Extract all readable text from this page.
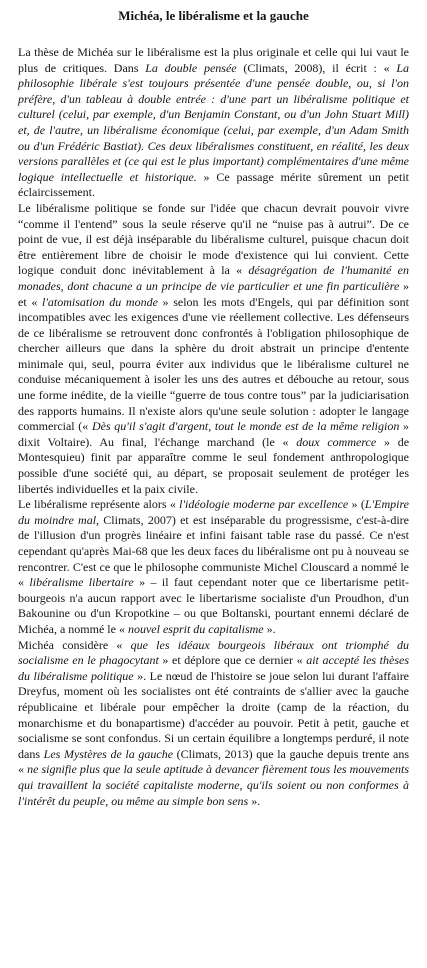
Michéa, le libéralisme et la gauche

La thèse de Michéa sur le libéralisme est la plus originale et celle qui lui vaut le plus de critiques. Dans La double pensée (Climats, 2008), il écrit : « La philosophie libérale s'est toujours présentée d'une pensée double, ou, si l'on préfère, d'un tableau à double entrée : d'une part un libéralisme politique et culturel (celui, par exemple, d'un Benjamin Constant, ou d'un John Stuart Mill) et, de l'autre, un libéralisme économique (celui, par exemple, d'un Adam Smith ou d'un Frédéric Bastiat). Ces deux libéralismes constituent, en réalité, les deux versions parallèles et (ce qui est le plus important) complémentaires d'une même logique intellectuelle et historique. » Ce passage mérite sûrement un petit éclaircissement.

Le libéralisme politique se fonde sur l'idée que chacun devrait pouvoir vivre “comme il l'entend” sous la seule réserve qu'il ne “nuise pas à autrui”. De ce point de vue, il est déjà inséparable du libéralisme culturel, puisque chacun doit être entièrement libre de choisir le mode d'existence qui lui convient. Cette logique conduit donc inévitablement à la « désagrégation de l'humanité en monades, dont chacune a un principe de vie particulier et une fin particulière » et « l'atomisation du monde » selon les mots d'Engels, qui par définition sont incompatibles avec les exigences d'une vie réellement collective. Les défenseurs de ce libéralisme se retrouvent donc confrontés à l'obligation philosophique de chercher ailleurs que dans la sphère du droit abstrait un principe d'entente minimale qui, seul, pourra éviter aux individus que le libéralisme culturel ne conduise mécaniquement à isoler les uns des autres et débouche au retour, sous une forme inédite, de la vieille “guerre de tous contre tous” par la judiciarisation des rapports humains. Il n'existe alors qu'une seule solution : adopter le langage commercial (« Dès qu'il s'agit d'argent, tout le monde est de la même religion » dixit Voltaire). Au final, l'échange marchand (le « doux commerce » de Montesquieu) finit par apparaître comme le seul fondement anthropologique possible d'une société qui, au départ, se proposait seulement de protéger les libertés individuelles et la paix civile.

Le libéralisme représente alors « l'idéologie moderne par excellence » (L'Empire du moindre mal, Climats, 2007) et est inséparable du progressisme, c'est-à-dire de l'illusion d'un progrès linéaire et infini faisant table rase du passé. Ce n'est cependant qu'après Mai-68 que les deux faces du libéralisme ont pu à nouveau se rencontrer. C'est ce que le philosophe communiste Michel Clouscard a nommé le « libéralisme libertaire » – il faut cependant noter que ce libertarisme petit-bourgeois n'a aucun rapport avec le libertarisme socialiste d'un Proudhon, d'un Bakounine ou d'un Kropotkine – ou que Boltanski, pourtant ennemi déclaré de Michéa, a nommé le « nouvel esprit du capitalisme ».

Michéa considère « que les idéaux bourgeois libéraux ont triomphé du socialisme en le phagocytant » et déplore que ce dernier « ait accepté les thèses du libéralisme politique ». Le nœud de l'histoire se joue selon lui durant l'affaire Dreyfus, moment où les socialistes ont été contraints de s'allier avec la gauche républicaine et libérale pour empêcher la droite (camp de la réaction, du monarchisme et du bonapartisme) d'accéder au pouvoir. Petit à petit, gauche et socialisme se sont confondus. Si un certain équilibre a longtemps perduré, il note dans Les Mystères de la gauche (Climats, 2013) que la gauche depuis trente ans « ne signifie plus que la seule aptitude à devancer fièrement tous les mouvements qui travaillent la société capitaliste moderne, qu'ils soient ou non conformes à l'intérêt du peuple, ou même au simple bon sens ».
